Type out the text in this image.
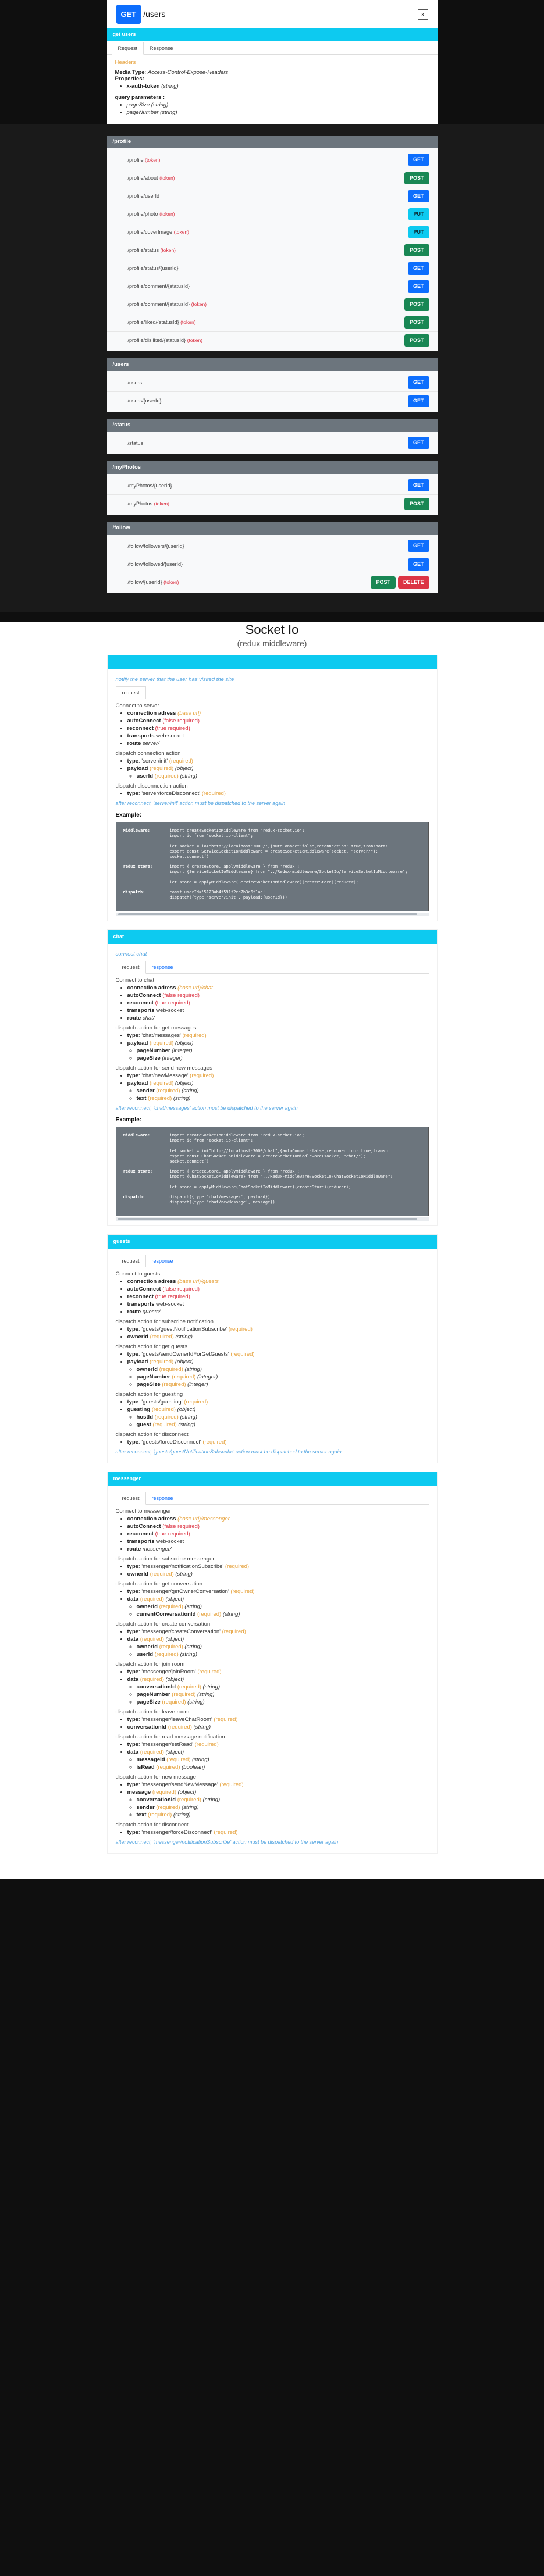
GET /users	x
get users
Request	Response
Headers
Media Type: Access-Control-Expose-Headers
Properties:
• x-auth-token (string)
query parameters :
• pageSize (string)
• pageNumber (string)
/profile
/profile (token)	GET
/profile/about (token)	POST
/profile/userId	GET
/profile/photo (token)	PUT
/profile/coverImage (token)	PUT
/profile/status (token)	POST
/profile/status/{userId}	GET
/profile/comment/{statusId}	GET
/profile/comment/{statusId} (token)	POST
/profile/liked/{statusId} (token)	POST
/profile/disliked/{statusId} (token)	POST
/users
/users	GET
/users/{userId}	GET
/status
/status	GET
/myPhotos
/myPhotos/{userId}	GET
/myPhotos (token)	POST
/follow
/follow/followers/{userId}	GET
/follow/followed/{userId}	GET
/follow/{userId} (token)	POST	DELETE
Socket Io
(redux middleware)
notify the server that the user has visited the site
request
Connect to server
• connection adress (base url)
• autoConnect (false required)
• reconnect (true required)
• transports web-socket
• route server/
dispatch connection action
• type: 'server/init' (required)
• payload (required) (object)
◦ userId (required) (string)
dispatch disconnection action
• type: 'server/forceDisconnect' (required)
after reconnect, 'server/init' action must be dispatched to the server again
Example:
Middleware:	import createSocketIoMiddleware from "redux-socket.io";
import io from "socket.io-client";
let socket = io("http://localhost:3000/",{autoConnect:false,reconnection: true,transports
export const ServiceSocketIoMiddleware = createSocketIoMiddleware(socket, "server/");
socket.connect()
redux store:	import { createStore, applyMiddleware } from 'redux';
import {ServiceSocketIoMiddleware} from "../Redux-middleware/SocketIo/ServiceSocketIoMiddleware";
let store = applyMiddleware(ServiceSocketIoMiddleware)(createStore)(reducer);
dispatch:	const userId='5123ab4f591f2ed7b3a6f1ae'
dispatch({type:'server/init', payload:{userId}})
chat
connect chat
request	response
Connect to chat
• connection adress (base url)/chat
• autoConnect (false required)
• reconnect (true required)
• transports web-socket
• route chat/
dispatch action for get messages
• type: 'chat/messages' (required)
• payload (required) (object)
◦ pageNumber (integer)
◦ pageSize (integer)
dispatch action for send new messages
• type: 'chat/newMessage' (required)
• payload (required) (object)
◦ sender (required) (string)
◦ text (required) (string)
after reconnect, 'chat/messages' action must be dispatched to the server again
Example:
Middleware:	import createSocketIoMiddleware from "redux-socket.io";
import io from "socket.io-client";
let socket = io("http://localhost:3000/chat",{autoConnect:false,reconnection: true,transp
export const ChatSocketIoMiddleware = createSocketIoMiddleware(socket, "chat/");
socket.connect()
redux store:	import { createStore, applyMiddleware } from 'redux';
import {ChatSocketIoMiddleware} from "../Redux-middleware/SocketIo/ChatSocketIoMiddleware";
let store = applyMiddleware(ChatSocketIoMiddleware)(createStore)(reducer);
dispatch:	dispatch({type:'chat/messages', payload})
dispatch({type:'chat/newMessage', message})
guests
request	response
Connect to guests
• connection adress (base url)/guests
• autoConnect (false required)
• reconnect (true required)
• transports web-socket
• route guests/
dispatch action for subscribe notification
• type: 'guests/guestNotificationSubscribe' (required)
• ownerId (required) (string)
dispatch action for get guests
• type: 'guests/sendOwnerIdForGetGuests' (required)
• payload (required) (object)
◦ ownerId (required) (string)
◦ pageNumber (required) (integer)
◦ pageSize (required) (integer)
dispatch action for guesting
• type: 'guests/guesting' (required)
• guesting (required) (object)
◦ hostId (required) (string)
◦ guest (required) (string)
dispatch action for disconnect
• type: 'guests/forceDisconnect' (required)
after reconnect, 'guests/guestNotificationSubscribe' action must be dispatched to the server again
messenger
request	response
Connect to messenger
• connection adress (base url)/messenger
• autoConnect (false required)
• reconnect (true required)
• transports web-socket
• route messenger/
dispatch action for subscribe messenger
• type: 'messenger/notificationSubscribe' (required)
• ownerId (required) (string)
dispatch action for get conversation
• type: 'messenger/getOwnerConversation' (required)
• data (required) (object)
◦ ownerId (required) (string)
◦ currentConversationId (required) (string)
dispatch action for create conversation
• type: 'messenger/createConversation' (required)
• data (required) (object)
◦ ownerId (required) (string)
◦ userId (required) (string)
dispatch action for join room
• type: 'messenger/joinRoom' (required)
• data (required) (object)
◦ conversationId (required) (string)
◦ pageNumber (required) (string)
◦ pageSize (required) (string)
dispatch action for leave room
• type: 'messenger/leaveChatRoom' (required)
• conversationId (required) (string)
dispatch action for read message notification
• type: 'messenger/setRead' (required)
• data (required) (object)
◦ messageId (required) (string)
◦ isRead (required) (boolean)
dispatch action for new message
• type: 'messenger/sendNewMessage' (required)
• message (required) (object)
◦ conversationId (required) (string)
◦ sender (required) (string)
◦ text (required) (string)
dispatch action for disconnect
• type: 'messenger/forceDisconnect' (required)
after reconnect, 'messenger/notificationSubscribe' action must be dispatched to the server again
